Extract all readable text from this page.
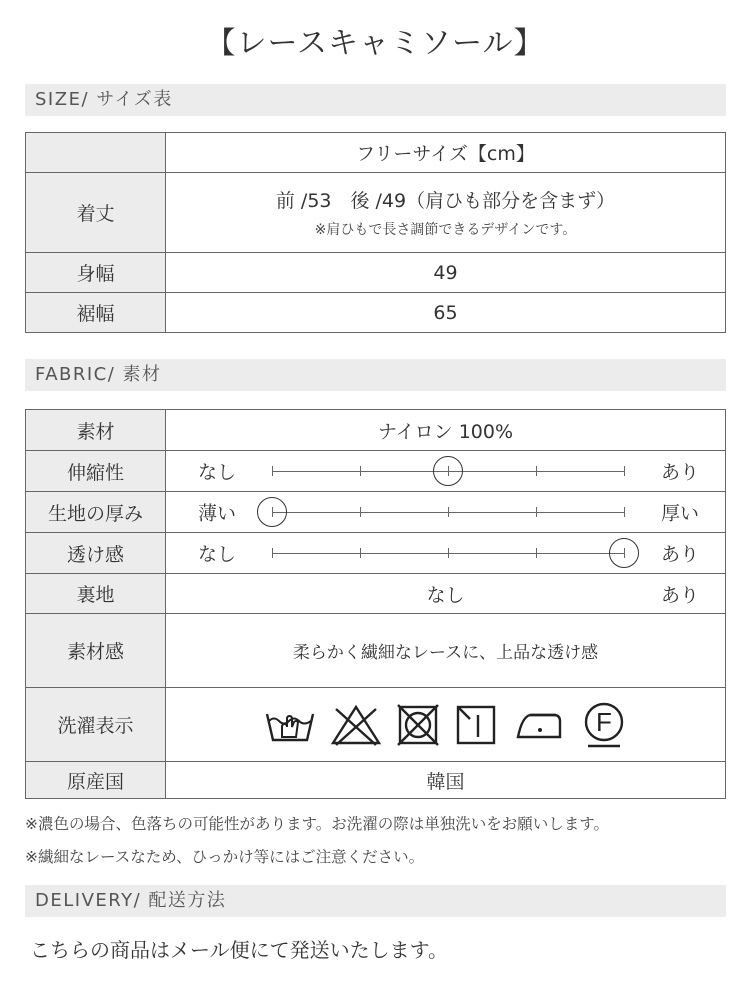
【レースキャミソール】
SIZE/ サイズ表
	フリーサイズ【cm】
着丈	前 /53　後 /49（肩ひも部分を含まず）
※肩ひもで長さ調節できるデザインです。

身幅	49
裾幅	65
FABRIC/ 素材
素材	ナイロン 100%
伸縮性	なし あり

生地の厚み	薄い 厚い

透け感	なし あり

裏地	なし あり

素材感	柔らかく繊細なレースに、上品な透け感
洗濯表示	F

原産国	韓国
※濃色の場合、色落ちの可能性があります。お洗濯の際は単独洗いをお願いします。
※繊細なレースなため、ひっかけ等にはご注意ください。
DELIVERY/ 配送方法
こちらの商品はメール便にて発送いたします。
